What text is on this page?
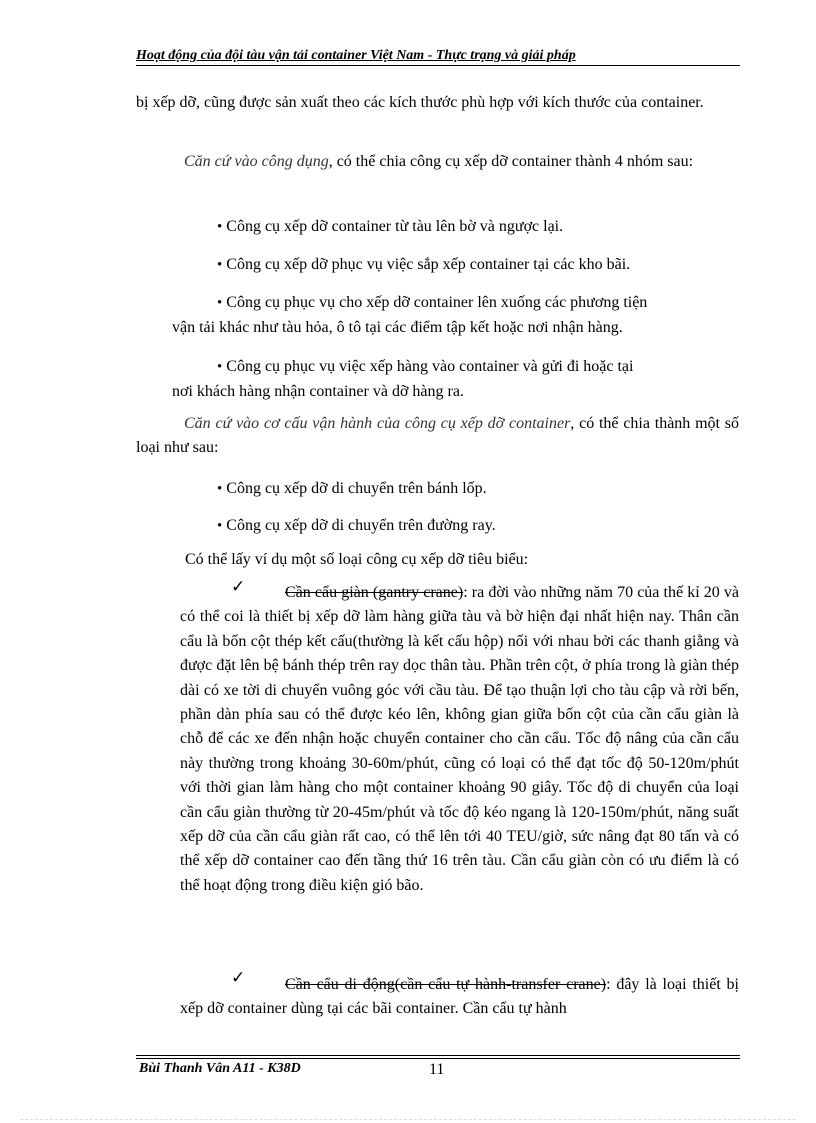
Hoạt động của đội tàu vận tải container Việt Nam - Thực trạng và giải pháp
bị xếp dỡ, cũng được sản xuất theo các kích thước phù hợp với kích thước của container.
Căn cứ vào công dụng, có thể chia công cụ xếp dỡ container thành 4 nhóm sau:
• Công cụ xếp dỡ container từ tàu lên bờ và ngược lại.
• Công cụ xếp dỡ phục vụ việc sắp xếp container tại các kho bãi.
• Công cụ phục vụ cho xếp dỡ container lên xuống các phương tiện
vận tải khác như tàu hỏa, ô tô tại các điểm tập kết hoặc nơi nhận hàng.
• Công cụ phục vụ việc xếp hàng vào container và gửi đi hoặc tại
nơi khách hàng nhận container và dỡ hàng ra.
Căn cứ vào cơ cấu vận hành của công cụ xếp dỡ container, có thể chia thành một số loại như sau:
• Công cụ xếp dỡ di chuyển trên bánh lốp.
• Công cụ xếp dỡ di chuyển trên đường ray.
Có thể lấy ví dụ một số loại công cụ xếp dỡ tiêu biểu:
✓	Cần cẩu giàn (gantry crane): ra đời vào những năm 70 của thế kỉ 20 và có thể coi là thiết bị xếp dỡ làm hàng giữa tàu và bờ hiện đại nhất hiện nay. Thân cần cẩu là bốn cột thép kết cấu(thường là kết cấu hộp) nối với nhau bởi các thanh giằng và được đặt lên bệ bánh thép trên ray dọc thân tàu. Phần trên cột, ở phía trong là giàn thép dài có xe tời di chuyển vuông góc với cầu tàu. Để tạo thuận lợi cho tàu cập và rời bến, phần dàn phía sau có thể được kéo lên, không gian giữa bốn cột của cần cẩu giàn là chỗ để các xe đến nhận hoặc chuyển container cho cần cẩu. Tốc độ nâng của cần cẩu này thường trong khoảng 30-60m/phút, cũng có loại có thể đạt tốc độ 50-120m/phút với thời gian làm hàng cho một container khoảng 90 giây. Tốc độ di chuyển của loại cần cẩu giàn thường từ 20-45m/phút và tốc độ kéo ngang là 120-150m/phút, năng suất xếp dỡ của cần cẩu giàn rất cao, có thể lên tới 40 TEU/giờ, sức nâng đạt 80 tấn và có thể xếp dỡ container cao đến tầng thứ 16 trên tàu. Cần cẩu giàn còn có ưu điểm là có thể hoạt động trong điều kiện gió bão.
✓	Cần cẩu di động(cần cẩu tự hành-transfer crane): đây là loại thiết bị xếp dỡ container dùng tại các bãi container. Cần cẩu tự hành
Bùi Thanh Vân A11 - K38D	11
